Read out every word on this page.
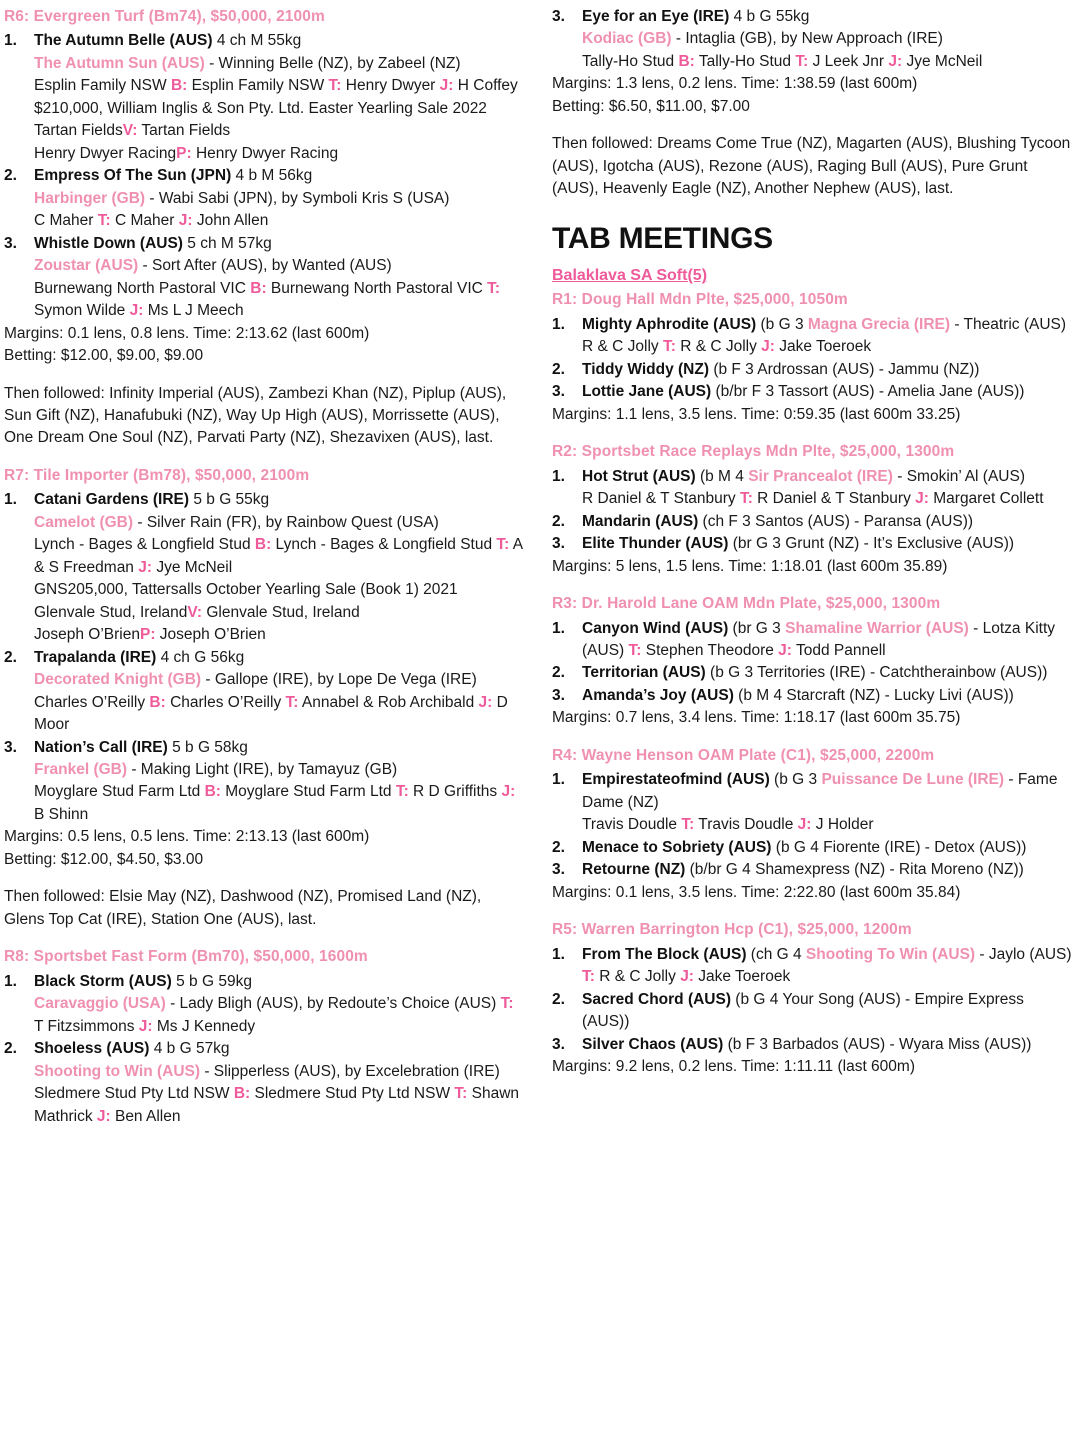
R6: Evergreen Turf (Bm74), $50,000, 2100m
1.	The Autumn Belle (AUS) 4 ch M 55kg
The Autumn Sun (AUS) - Winning Belle (NZ), by Zabeel (NZ)
Esplin Family NSW B: Esplin Family NSW T: Henry Dwyer J: H Coffey
$210,000, William Inglis & Son Pty. Ltd. Easter Yearling Sale 2022
Tartan FieldsV: Tartan Fields
Henry Dwyer RacingP: Henry Dwyer Racing
2.	Empress Of The Sun (JPN) 4 b M 56kg
Harbinger (GB) - Wabi Sabi (JPN), by Symboli Kris S (USA)
C Maher T: C Maher J: John Allen
3.	Whistle Down (AUS) 5 ch M 57kg
Zoustar (AUS) - Sort After (AUS), by Wanted (AUS)
Burnewang North Pastoral VIC B: Burnewang North Pastoral VIC T: Symon Wilde J: Ms L J Meech
Margins: 0.1 lens, 0.8 lens. Time: 2:13.62 (last 600m)
Betting: $12.00, $9.00, $9.00
Then followed: Infinity Imperial (AUS), Zambezi Khan (NZ), Piplup (AUS), Sun Gift (NZ), Hanafubuki (NZ), Way Up High (AUS), Morrissette (AUS), One Dream One Soul (NZ), Parvati Party (NZ), Shezavixen (AUS), last.
R7: Tile Importer (Bm78), $50,000, 2100m
1.	Catani Gardens (IRE) 5 b G 55kg
Camelot (GB) - Silver Rain (FR), by Rainbow Quest (USA)
Lynch - Bages & Longfield Stud B: Lynch - Bages & Longfield Stud T: A & S Freedman J: Jye McNeil
GNS205,000, Tattersalls October Yearling Sale (Book 1) 2021
Glenvale Stud, IrelandV: Glenvale Stud, Ireland
Joseph O’BrienP: Joseph O’Brien
2.	Trapalanda (IRE) 4 ch G 56kg
Decorated Knight (GB) - Gallope (IRE), by Lope De Vega (IRE)
Charles O’Reilly B: Charles O’Reilly T: Annabel & Rob Archibald J: D Moor
3.	Nation’s Call (IRE) 5 b G 58kg
Frankel (GB) - Making Light (IRE), by Tamayuz (GB)
Moyglare Stud Farm Ltd B: Moyglare Stud Farm Ltd T: R D Griffiths J: B Shinn
Margins: 0.5 lens, 0.5 lens. Time: 2:13.13 (last 600m)
Betting: $12.00, $4.50, $3.00
Then followed: Elsie May (NZ), Dashwood (NZ), Promised Land (NZ), Glens Top Cat (IRE), Station One (AUS), last.
R8: Sportsbet Fast Form (Bm70), $50,000, 1600m
1.	Black Storm (AUS) 5 b G 59kg
Caravaggio (USA) - Lady Bligh (AUS), by Redoute’s Choice (AUS) T: T Fitzsimmons J: Ms J Kennedy
2.	Shoeless (AUS) 4 b G 57kg
Shooting to Win (AUS) - Slipperless (AUS), by Excelebration (IRE)
Sledmere Stud Pty Ltd NSW B: Sledmere Stud Pty Ltd NSW T: Shawn Mathrick J: Ben Allen
3.	Eye for an Eye (IRE) 4 b G 55kg
Kodiac (GB) - Intaglia (GB), by New Approach (IRE)
Tally-Ho Stud B: Tally-Ho Stud T: J Leek Jnr J: Jye McNeil
Margins: 1.3 lens, 0.2 lens. Time: 1:38.59 (last 600m)
Betting: $6.50, $11.00, $7.00
Then followed: Dreams Come True (NZ), Magarten (AUS), Blushing Tycoon (AUS), Igotcha (AUS), Rezone (AUS), Raging Bull (AUS), Pure Grunt (AUS), Heavenly Eagle (NZ), Another Nephew (AUS), last.
TAB MEETINGS
Balaklava SA Soft(5)
R1: Doug Hall Mdn Plte, $25,000, 1050m
1.	Mighty Aphrodite (AUS) (b G 3 Magna Grecia (IRE) - Theatric (AUS)
R & C Jolly T: R & C Jolly J: Jake Toeroek
2.	Tiddy Widdy (NZ) (b F 3 Ardrossan (AUS) - Jammu (NZ))
3.	Lottie Jane (AUS) (b/br F 3 Tassort (AUS) - Amelia Jane (AUS))
Margins: 1.1 lens, 3.5 lens. Time: 0:59.35 (last 600m 33.25)
R2: Sportsbet Race Replays Mdn Plte, $25,000, 1300m
1.	Hot Strut (AUS) (b M 4 Sir Prancealot (IRE) - Smokin’ Al (AUS)
R Daniel & T Stanbury T: R Daniel & T Stanbury J: Margaret Collett
2.	Mandarin (AUS) (ch F 3 Santos (AUS) - Paransa (AUS))
3.	Elite Thunder (AUS) (br G 3 Grunt (NZ) - It’s Exclusive (AUS))
Margins: 5 lens, 1.5 lens. Time: 1:18.01 (last 600m 35.89)
R3: Dr. Harold Lane OAM Mdn Plate, $25,000, 1300m
1.	Canyon Wind (AUS) (br G 3 Shamaline Warrior (AUS) - Lotza Kitty (AUS) T: Stephen Theodore J: Todd Pannell
2.	Territorian (AUS) (b G 3 Territories (IRE) - Catchtherainbow (AUS))
3.	Amanda’s Joy (AUS) (b M 4 Starcraft (NZ) - Lucky Livi (AUS))
Margins: 0.7 lens, 3.4 lens. Time: 1:18.17 (last 600m 35.75)
R4: Wayne Henson OAM Plate (C1), $25,000, 2200m
1.	Empirestateofmind (AUS) (b G 3 Puissance De Lune (IRE) - Fame Dame (NZ)
Travis Doudle T: Travis Doudle J: J Holder
2.	Menace to Sobriety (AUS) (b G 4 Fiorente (IRE) - Detox (AUS))
3.	Retourne (NZ) (b/br G 4 Shamexpress (NZ) - Rita Moreno (NZ))
Margins: 0.1 lens, 3.5 lens. Time: 2:22.80 (last 600m 35.84)
R5: Warren Barrington Hcp (C1), $25,000, 1200m
1.	From The Block (AUS) (ch G 4 Shooting To Win (AUS) - Jaylo (AUS) T: R & C Jolly J: Jake Toeroek
2.	Sacred Chord (AUS) (b G 4 Your Song (AUS) - Empire Express (AUS))
3.	Silver Chaos (AUS) (b F 3 Barbados (AUS) - Wyara Miss (AUS))
Margins: 9.2 lens, 0.2 lens. Time: 1:11.11 (last 600m)
